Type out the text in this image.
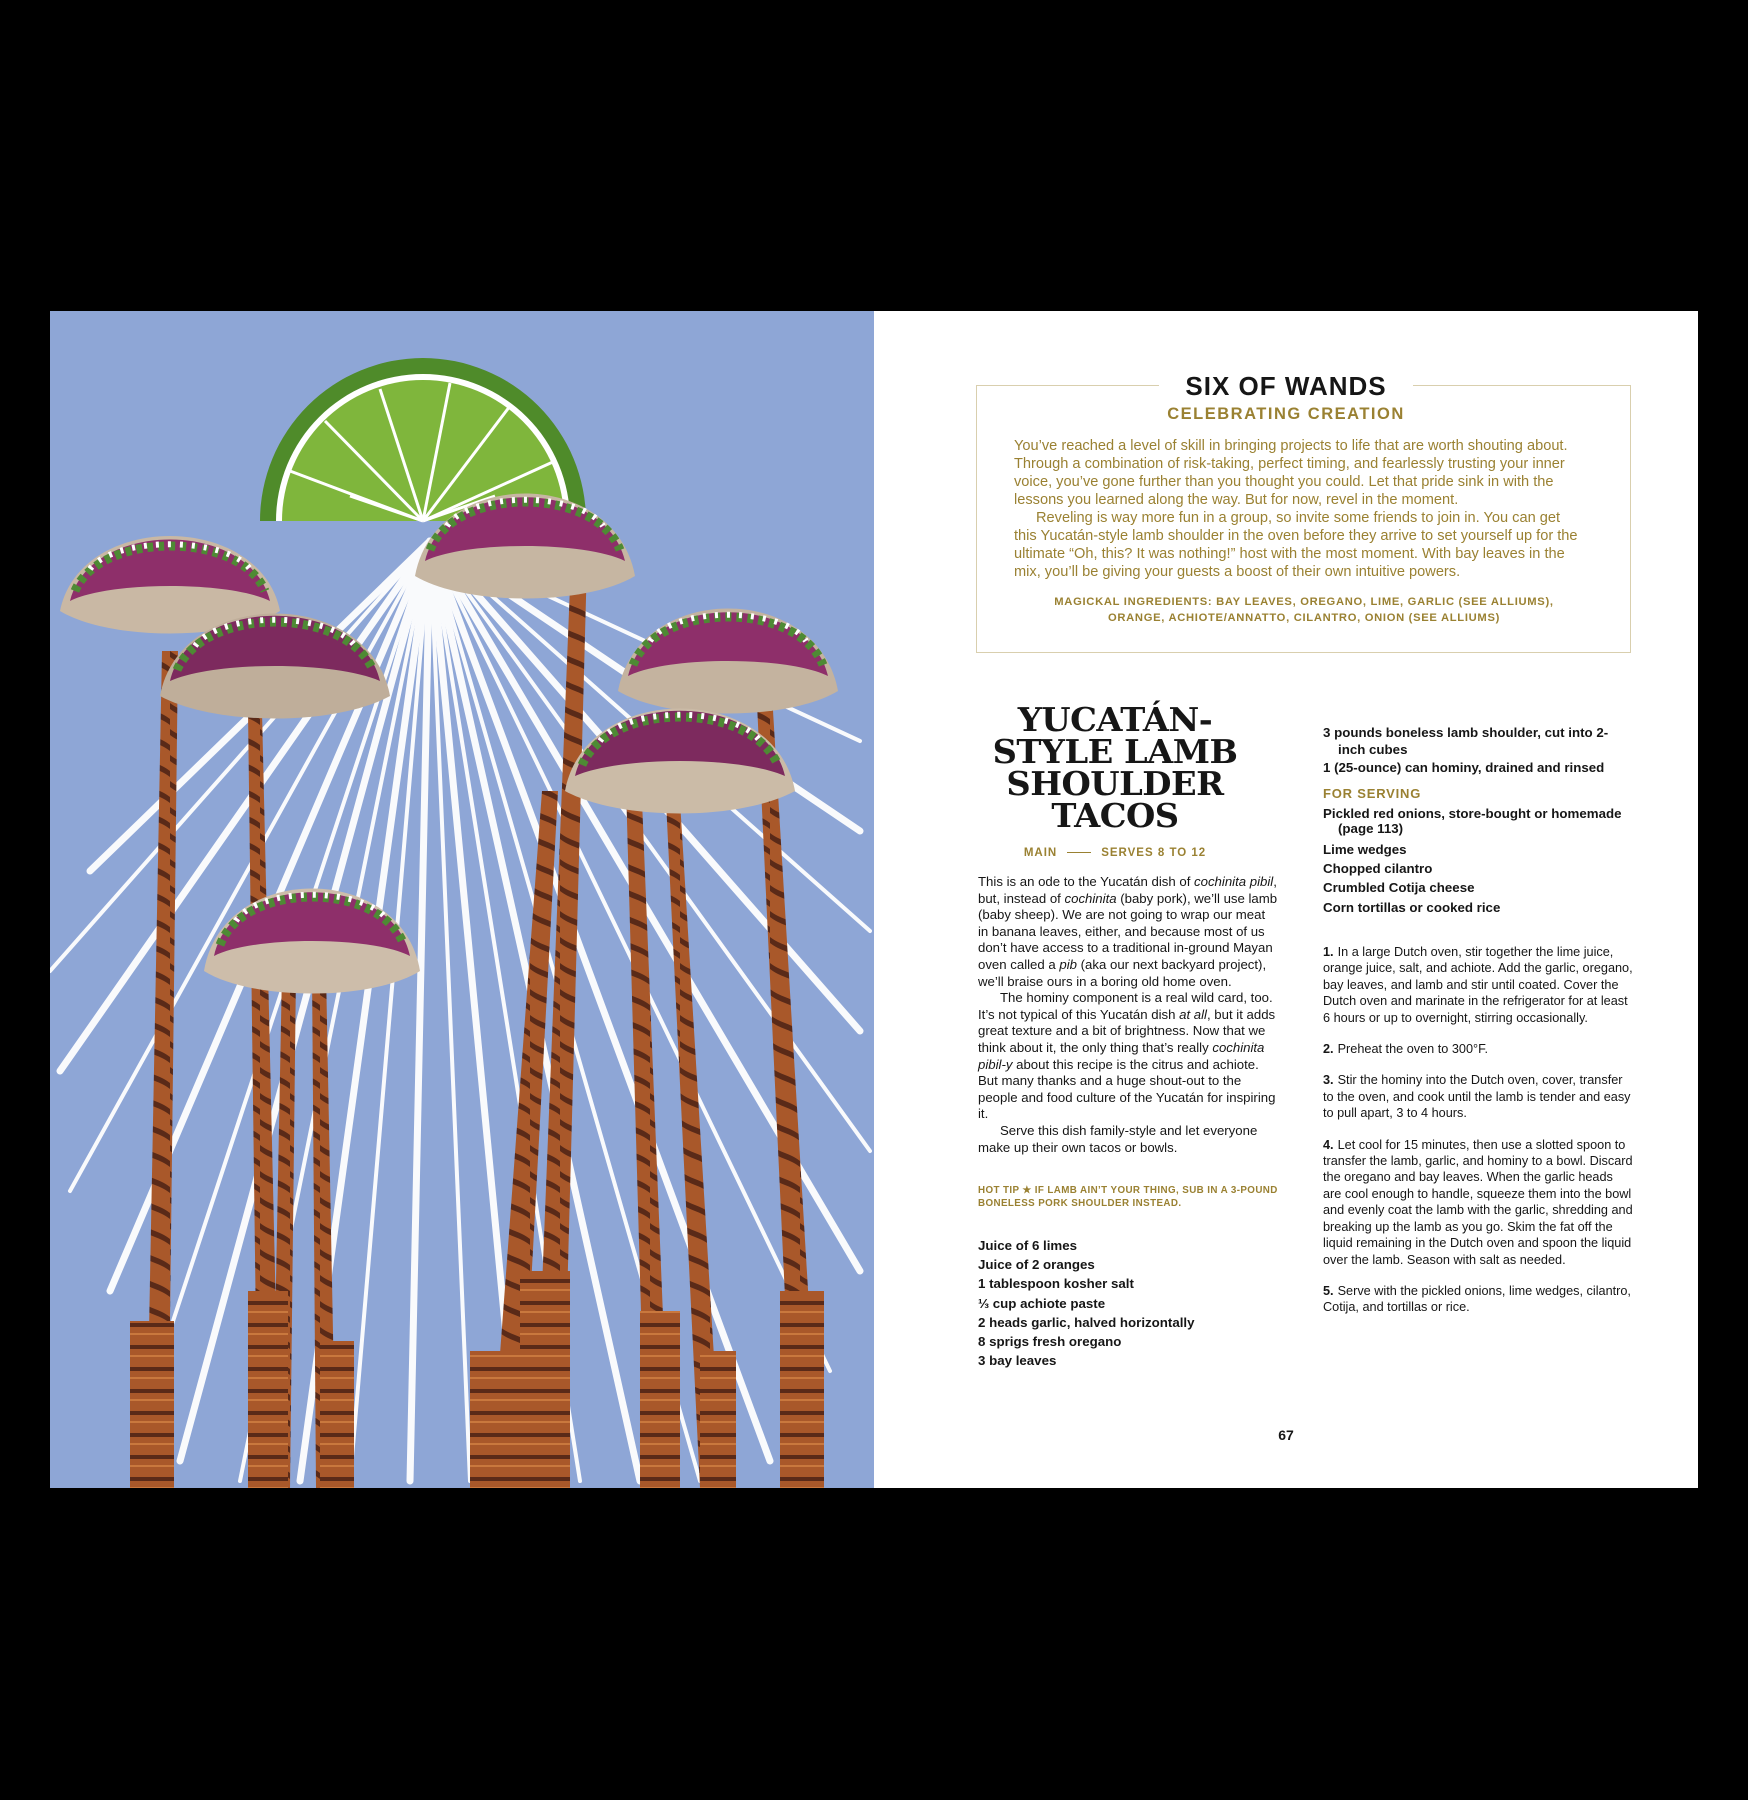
SIX OF WANDS
CELEBRATING CREATION

You’ve reached a level of skill in bringing projects to life that are worth shouting about. Through a combination of risk-taking, perfect timing, and fearlessly trusting your inner voice, you’ve gone further than you thought you could. Let that pride sink in with the lessons you learned along the way. But for now, revel in the moment.

Reveling is way more fun in a group, so invite some friends to join in. You can get this Yucatán-style lamb shoulder in the oven before they arrive to set yourself up for the ultimate “Oh, this? It was nothing!” host with the most moment. With bay leaves in the mix, you’ll be giving your guests a boost of their own intuitive powers.

MAGICKAL INGREDIENTS: BAY LEAVES, OREGANO, LIME, GARLIC (SEE ALLIUMS),
ORANGE, ACHIOTE/ANNATTO, CILANTRO, ONION (SEE ALLIUMS)
YUCATÁN-
STYLE LAMB
SHOULDER
TACOS
MAIN	SERVES 8 TO 12

This is an ode to the Yucatán dish of cochinita pibil, but, instead of cochinita (baby pork), we’ll use lamb (baby sheep). We are not going to wrap our meat in banana leaves, either, and because most of us don’t have access to a traditional in-ground Mayan oven called a pib (aka our next backyard project), we’ll braise ours in a boring old home oven.

The hominy component is a real wild card, too. It’s not typical of this Yucatán dish at all, but it adds great texture and a bit of brightness. Now that we think about it, the only thing that’s really cochinita pibil-y about this recipe is the citrus and achiote. But many thanks and a huge shout-out to the people and food culture of the Yucatán for inspiring it.

Serve this dish family-style and let everyone make up their own tacos or bowls.

HOT TIP ★ IF LAMB AIN’T YOUR THING, SUB IN A 3-POUND BONELESS PORK SHOULDER INSTEAD.
Juice of 6 limes
Juice of 2 oranges
1 tablespoon kosher salt
⅓ cup achiote paste
2 heads garlic, halved horizontally
8 sprigs fresh oregano
3 bay leaves
3 pounds boneless lamb shoulder, cut into 2-inch cubes
1 (25-ounce) can hominy, drained and rinsed
FOR SERVING
Pickled red onions, store-bought or homemade (page 113)
Lime wedges
Chopped cilantro
Crumbled Cotija cheese
Corn tortillas or cooked rice
1. In a large Dutch oven, stir together the lime juice, orange juice, salt, and achiote. Add the garlic, oregano, bay leaves, and lamb and stir until coated. Cover the Dutch oven and marinate in the refrigerator for at least 6 hours or up to overnight, stirring occasionally.
2. Preheat the oven to 300°F.
3. Stir the hominy into the Dutch oven, cover, transfer to the oven, and cook until the lamb is tender and easy to pull apart, 3 to 4 hours.
4. Let cool for 15 minutes, then use a slotted spoon to transfer the lamb, garlic, and hominy to a bowl. Discard the oregano and bay leaves. When the garlic heads are cool enough to handle, squeeze them into the bowl and evenly coat the lamb with the garlic, shredding and breaking up the lamb as you go. Skim the fat off the liquid remaining in the Dutch oven and spoon the liquid over the lamb. Season with salt as needed.
5. Serve with the pickled onions, lime wedges, cilantro, Cotija, and tortillas or rice.
67
